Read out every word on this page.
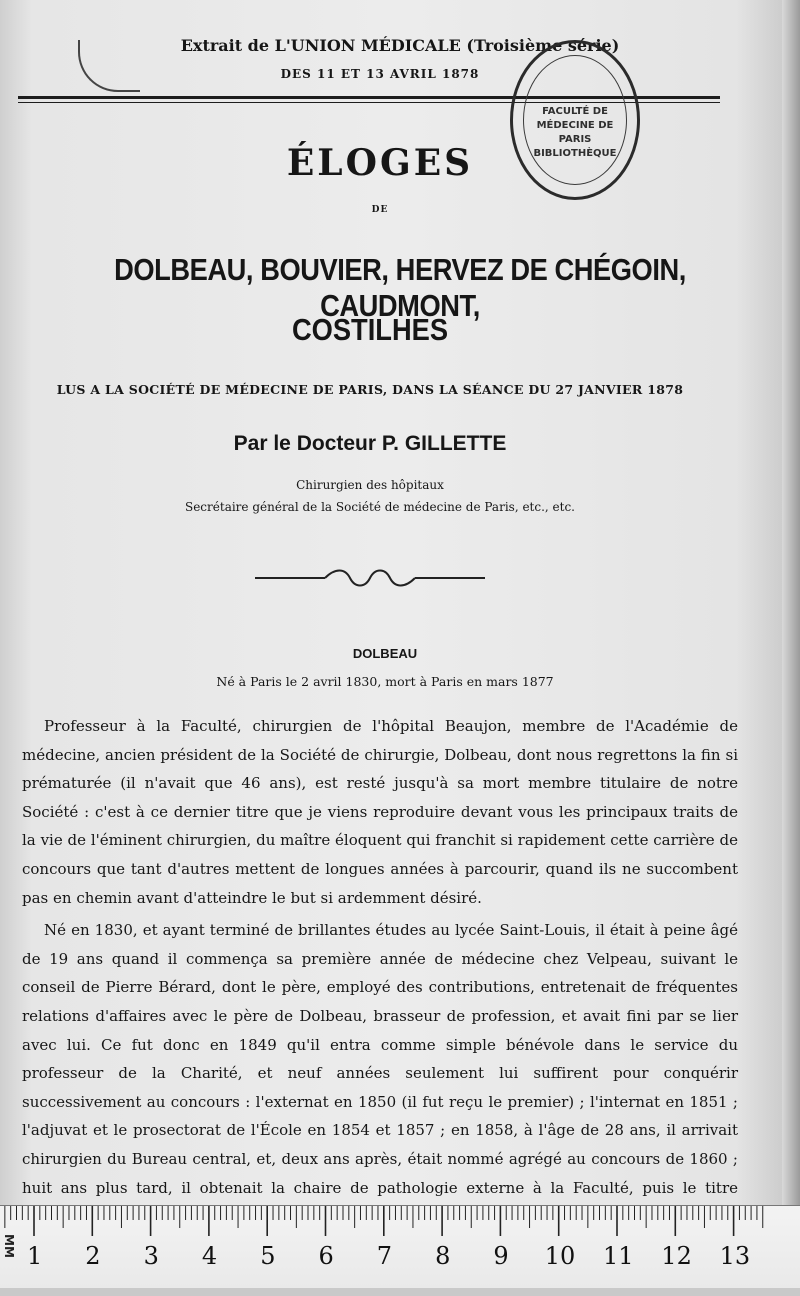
Extrait de L'UNION MÉDICALE (Troisième série)
DES 11 ET 13 AVRIL 1878
FACULTÉ DE MÉDECINE DE PARIS BIBLIOTHÈQUE
ÉLOGES
DE
DOLBEAU, BOUVIER, HERVEZ DE CHÉGOIN, CAUDMONT,
COSTILHES
LUS A LA SOCIÉTÉ DE MÉDECINE DE PARIS, DANS LA SÉANCE DU 27 JANVIER 1878
Par le Docteur P. GILLETTE
Chirurgien des hôpitaux
Secrétaire général de la Société de médecine de Paris, etc., etc.
DOLBEAU
Né à Paris le 2 avril 1830, mort à Paris en mars 1877

Professeur à la Faculté, chirurgien de l'hôpital Beaujon, membre de l'Académie de médecine, ancien président de la Société de chirurgie, Dolbeau, dont nous regrettons la fin si prématurée (il n'avait que 46 ans), est resté jusqu'à sa mort membre titulaire de notre Société : c'est à ce dernier titre que je viens reproduire devant vous les principaux traits de la vie de l'éminent chirurgien, du maître éloquent qui franchit si rapidement cette carrière de concours que tant d'autres mettent de longues années à parcourir, quand ils ne succombent pas en chemin avant d'atteindre le but si ardemment désiré.

Né en 1830, et ayant terminé de brillantes études au lycée Saint-Louis, il était à peine âgé de 19 ans quand il commença sa première année de médecine chez Velpeau, suivant le conseil de Pierre Bérard, dont le père, employé des contributions, entretenait de fréquentes relations d'affaires avec le père de Dolbeau, brasseur de profession, et avait fini par se lier avec lui. Ce fut donc en 1849 qu'il entra comme simple bénévole dans le service du professeur de la Charité, et neuf années seulement lui suffirent pour conquérir successivement au concours : l'externat en 1850 (il fut reçu le premier) ; l'internat en 1851 ; l'adjuvat et le prosectorat de l'École en 1854 et 1857 ; en 1858, à l'âge de 28 ans, il arrivait chirurgien du Bureau central, et, deux ans après, était nommé agrégé au concours de 1860 ; huit ans plus tard, il obtenait la chaire de pathologie externe à la Faculté, puis le titre

MM 1 2 3 4 5 6 7 8 9 10 11 12 13
